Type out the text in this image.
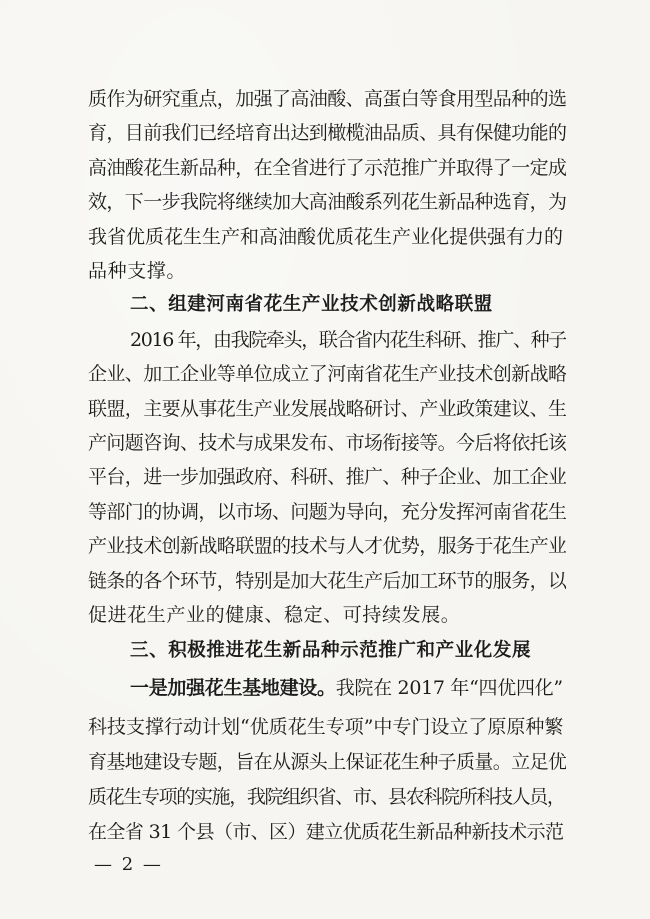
质作为研究重点，加强了高油酸、高蛋白等食用型品种的选
育，目前我们已经培育出达到橄榄油品质、具有保健功能的
高油酸花生新品种，在全省进行了示范推广并取得了一定成
效，下一步我院将继续加大高油酸系列花生新品种选育，为
我省优质花生生产和高油酸优质花生产业化提供强有力的
品种支撑。
二、组建河南省花生产业技术创新战略联盟
2016 年，由我院牵头，联合省内花生科研、推广、种子
企业、加工企业等单位成立了河南省花生产业技术创新战略
联盟，主要从事花生产业发展战略研讨、产业政策建议、生
产问题咨询、技术与成果发布、市场衔接等。今后将依托该
平台，进一步加强政府、科研、推广、种子企业、加工企业
等部门的协调，以市场、问题为导向，充分发挥河南省花生
产业技术创新战略联盟的技术与人才优势，服务于花生产业
链条的各个环节，特别是加大花生产后加工环节的服务，以
促进花生产业的健康、稳定、可持续发展。
三、积极推进花生新品种示范推广和产业化发展
一是加强花生基地建设。我院在 2017 年“四优四化”
科技支撑行动计划“优质花生专项”中专门设立了原原种繁
育基地建设专题，旨在从源头上保证花生种子质量。立足优
质花生专项的实施，我院组织省、市、县农科院所科技人员，
在全省 31 个县（市、区）建立优质花生新品种新技术示范
— 2 —
